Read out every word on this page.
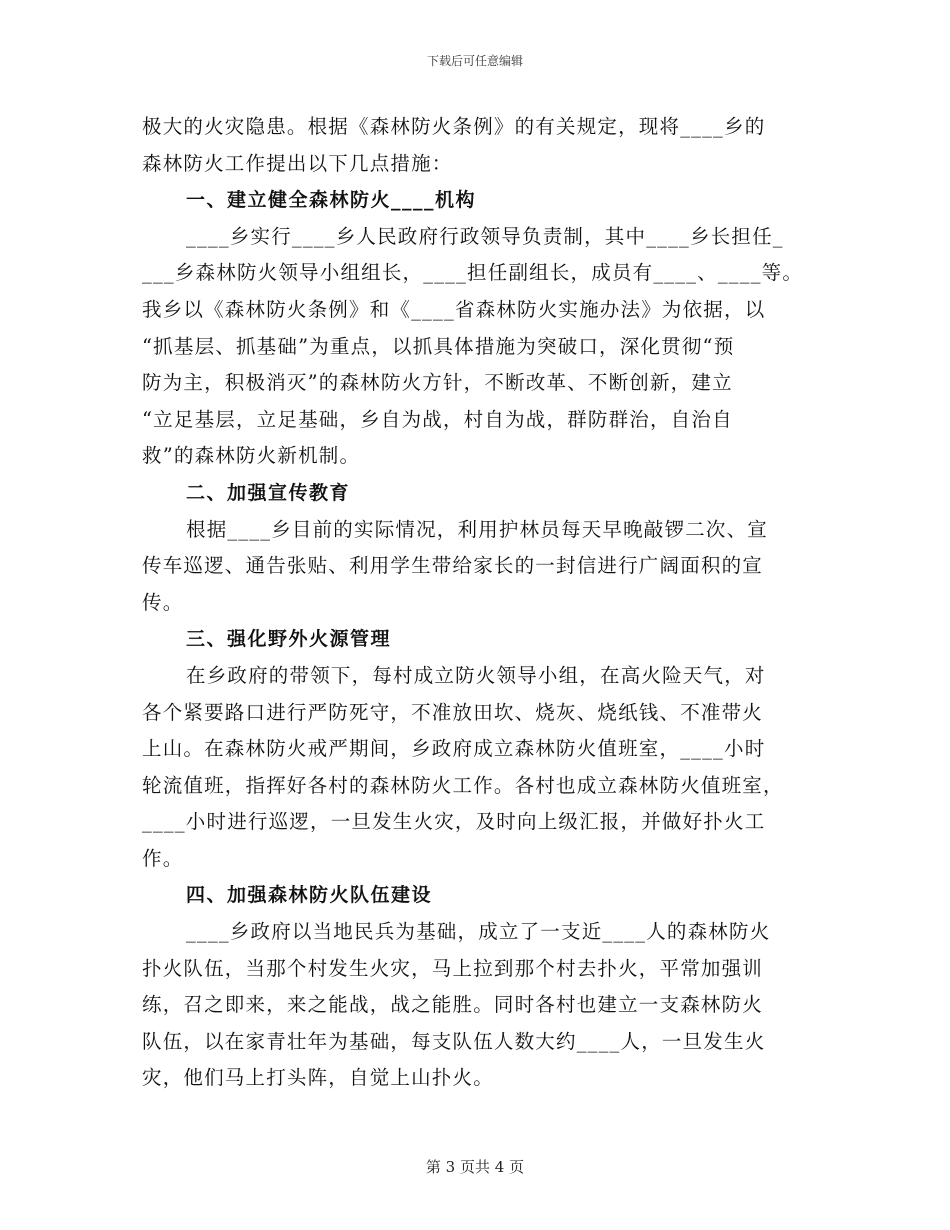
下载后可任意编辑
极大的火灾隐患。根据《森林防火条例》的有关规定，现将____乡的
森林防火工作提出以下几点措施：
一、建立健全森林防火____机构
____乡实行____乡人民政府行政领导负责制，其中____乡长担任_
___乡森林防火领导小组组长，____担任副组长，成员有____、____等。
我乡以《森林防火条例》和《____省森林防火实施办法》为依据，以
“抓基层、抓基础”为重点，以抓具体措施为突破口，深化贯彻“预
防为主，积极消灭”的森林防火方针，不断改革、不断创新，建立
“立足基层，立足基础，乡自为战，村自为战，群防群治，自治自
救”的森林防火新机制。
二、加强宣传教育
根据____乡目前的实际情况，利用护林员每天早晚敲锣二次、宣
传车巡逻、通告张贴、利用学生带给家长的一封信进行广阔面积的宣
传。
三、强化野外火源管理
在乡政府的带领下，每村成立防火领导小组，在高火险天气，对
各个紧要路口进行严防死守，不准放田坎、烧灰、烧纸钱、不准带火
上山。在森林防火戒严期间，乡政府成立森林防火值班室，____小时
轮流值班，指挥好各村的森林防火工作。各村也成立森林防火值班室，
____小时进行巡逻，一旦发生火灾，及时向上级汇报，并做好扑火工
作。
四、加强森林防火队伍建设
____乡政府以当地民兵为基础，成立了一支近____人的森林防火
扑火队伍，当那个村发生火灾，马上拉到那个村去扑火，平常加强训
练，召之即来，来之能战，战之能胜。同时各村也建立一支森林防火
队伍，以在家青壮年为基础，每支队伍人数大约____人，一旦发生火
灾，他们马上打头阵，自觉上山扑火。
第 3 页共 4 页
